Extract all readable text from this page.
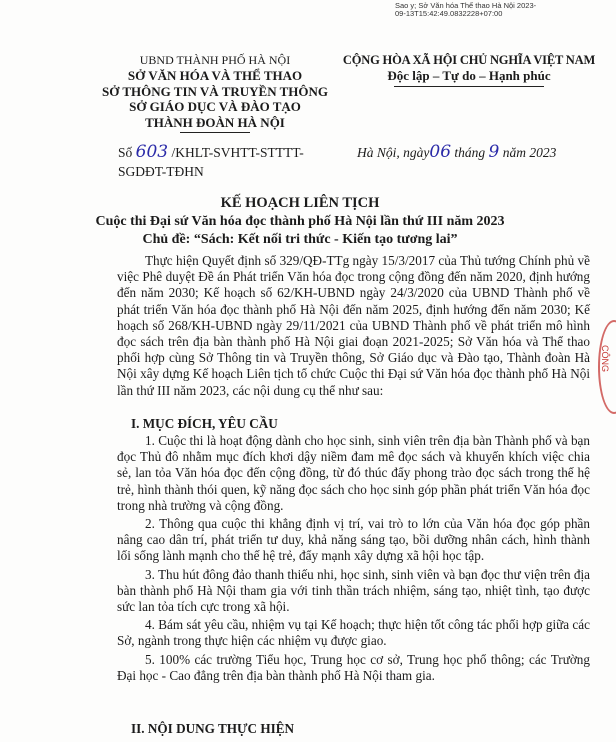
Sao y; Sở Văn hóa Thể thao Hà Nội 2023-
09-13T15:42:49.0832228+07:00
UBND THÀNH PHỐ HÀ NỘI
SỞ VĂN HÓA VÀ THỂ THAO
SỞ THÔNG TIN VÀ TRUYỀN THÔNG
SỞ GIÁO DỤC VÀ ĐÀO TẠO
THÀNH ĐOÀN HÀ NỘI
CỘNG HÒA XÃ HỘI CHỦ NGHĨA VIỆT NAM
Độc lập – Tự do – Hạnh phúc
Số 603 /KHLT-SVHTT-STTTT-
SGDĐT-TĐHN
Hà Nội, ngày06 tháng 9 năm 2023
KẾ HOẠCH LIÊN TỊCH
Cuộc thi Đại sứ Văn hóa đọc thành phố Hà Nội lần thứ III năm 2023
Chủ đề: “Sách: Kết nối tri thức - Kiến tạo tương lai”

Thực hiện Quyết định số 329/QĐ-TTg ngày 15/3/2017 của Thủ tướng Chính phủ về việc Phê duyệt Đề án Phát triển Văn hóa đọc trong cộng đồng đến năm 2020, định hướng đến năm 2030; Kế hoạch số 62/KH-UBND ngày 24/3/2020 của UBND Thành phố về phát triển Văn hóa đọc thành phố Hà Nội đến năm 2025, định hướng đến năm 2030; Kế hoạch số 268/KH-UBND ngày 29/11/2021 của UBND Thành phố về phát triển mô hình đọc sách trên địa bàn thành phố Hà Nội giai đoạn 2021-2025; Sở Văn hóa và Thể thao phối hợp cùng Sở Thông tin và Truyền thông, Sở Giáo dục và Đào tạo, Thành đoàn Hà Nội xây dựng Kế hoạch Liên tịch tổ chức Cuộc thi Đại sứ Văn hóa đọc thành phố Hà Nội lần thứ III năm 2023, các nội dung cụ thể như sau:

I. MỤC ĐÍCH, YÊU CẦU

1. Cuộc thi là hoạt động dành cho học sinh, sinh viên trên địa bàn Thành phố và bạn đọc Thủ đô nhằm mục đích khơi dậy niềm đam mê đọc sách và khuyến khích việc chia sẻ, lan tỏa Văn hóa đọc đến cộng đồng, từ đó thúc đẩy phong trào đọc sách trong thế hệ trẻ, hình thành thói quen, kỹ năng đọc sách cho học sinh góp phần phát triển Văn hóa đọc trong nhà trường và cộng đồng.

2. Thông qua cuộc thi khẳng định vị trí, vai trò to lớn của Văn hóa đọc góp phần nâng cao dân trí, phát triển tư duy, khả năng sáng tạo, bồi dưỡng nhân cách, hình thành lối sống lành mạnh cho thế hệ trẻ, đẩy mạnh xây dựng xã hội học tập.

3. Thu hút đông đảo thanh thiếu nhi, học sinh, sinh viên và bạn đọc thư viện trên địa bàn thành phố Hà Nội tham gia với tinh thần trách nhiệm, sáng tạo, nhiệt tình, tạo được sức lan tỏa tích cực trong xã hội.

4. Bám sát yêu cầu, nhiệm vụ tại Kế hoạch; thực hiện tốt công tác phối hợp giữa các Sở, ngành trong thực hiện các nhiệm vụ được giao.

5. 100% các trường Tiểu học, Trung học cơ sở, Trung học phổ thông; các Trường Đại học - Cao đẳng trên địa bàn thành phố Hà Nội tham gia.

II. NỘI DUNG THỰC HIỆN
CÔNG
